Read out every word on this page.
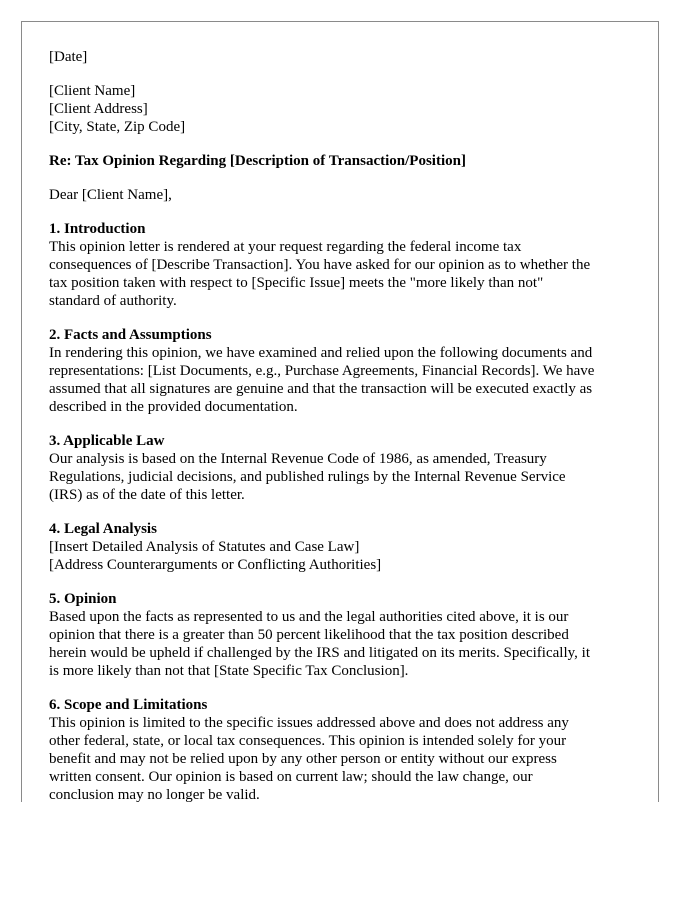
[Date]
[Client Name]
[Client Address]
[City, State, Zip Code]
Re: Tax Opinion Regarding [Description of Transaction/Position]
Dear [Client Name],
1. Introduction
This opinion letter is rendered at your request regarding the federal income tax
consequences of [Describe Transaction]. You have asked for our opinion as to whether the
tax position taken with respect to [Specific Issue] meets the "more likely than not"
standard of authority.
2. Facts and Assumptions
In rendering this opinion, we have examined and relied upon the following documents and
representations: [List Documents, e.g., Purchase Agreements, Financial Records]. We have
assumed that all signatures are genuine and that the transaction will be executed exactly as
described in the provided documentation.
3. Applicable Law
Our analysis is based on the Internal Revenue Code of 1986, as amended, Treasury
Regulations, judicial decisions, and published rulings by the Internal Revenue Service
(IRS) as of the date of this letter.
4. Legal Analysis
[Insert Detailed Analysis of Statutes and Case Law]
[Address Counterarguments or Conflicting Authorities]
5. Opinion
Based upon the facts as represented to us and the legal authorities cited above, it is our
opinion that there is a greater than 50 percent likelihood that the tax position described
herein would be upheld if challenged by the IRS and litigated on its merits. Specifically, it
is more likely than not that [State Specific Tax Conclusion].
6. Scope and Limitations
This opinion is limited to the specific issues addressed above and does not address any
other federal, state, or local tax consequences. This opinion is intended solely for your
benefit and may not be relied upon by any other person or entity without our express
written consent. Our opinion is based on current law; should the law change, our
conclusion may no longer be valid.
